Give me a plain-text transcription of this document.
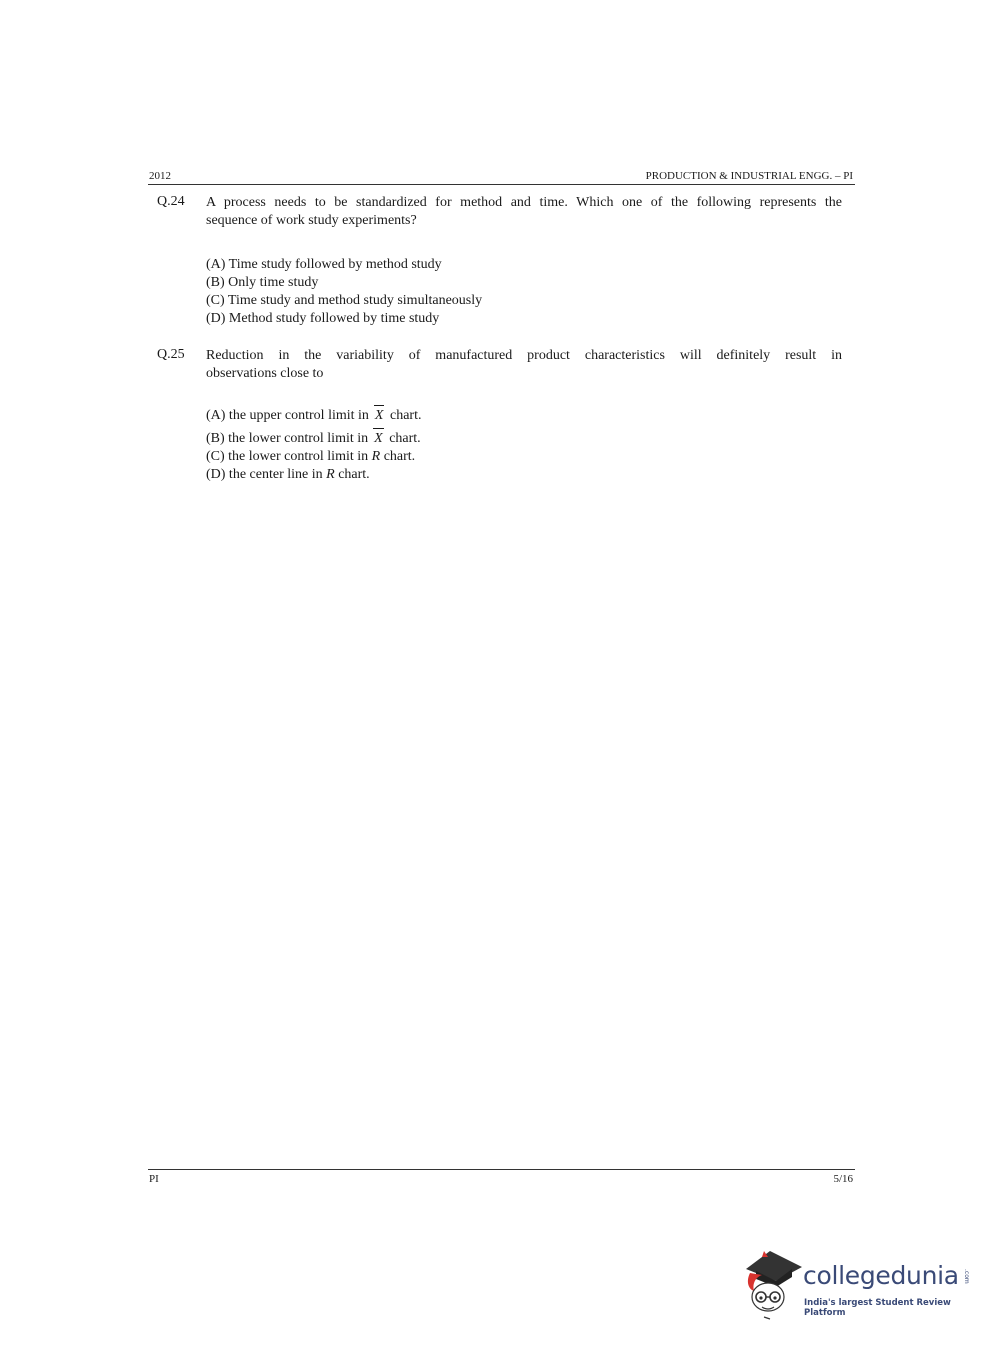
2012	PRODUCTION & INDUSTRIAL ENGG. – PI
Q.24 A process needs to be standardized for method and time. Which one of the following represents the
sequence of work study experiments?
(A) Time study followed by method study
(B) Only time study
(C) Time study and method study simultaneously
(D) Method study followed by time study
Q.25 Reduction in the variability of manufactured product characteristics will definitely result in
observations close to
(A) the upper control limit in X chart.
(B) the lower control limit in X chart.
(C) the lower control limit in R chart.
(D) the center line in R chart.
PI	5/16
collegedunia .com
India's largest Student Review Platform
